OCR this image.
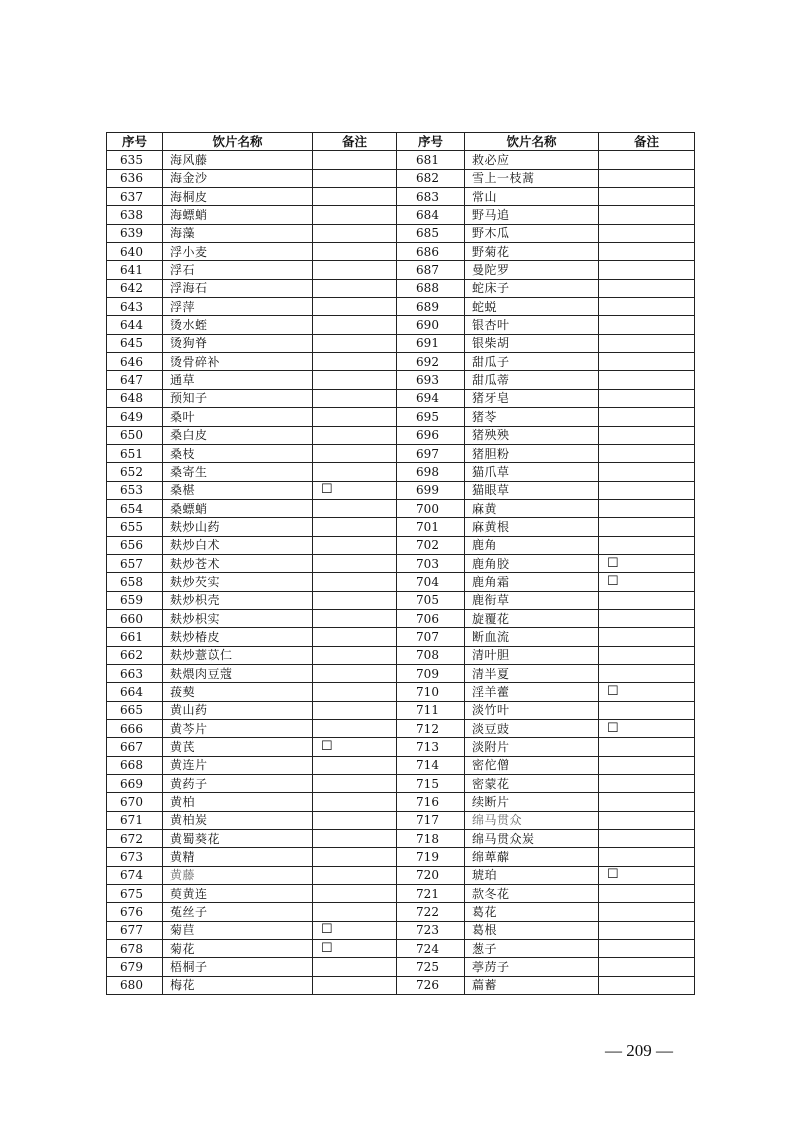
序号	饮片名称	备注	序号	饮片名称	备注
635	海风藤		681	救必应	
636	海金沙		682	雪上一枝蒿	
637	海桐皮		683	常山	
638	海螵蛸		684	野马追	
639	海藻		685	野木瓜	
640	浮小麦		686	野菊花	
641	浮石		687	曼陀罗	
642	浮海石		688	蛇床子	
643	浮萍		689	蛇蜕	
644	烫水蛭		690	银杏叶	
645	烫狗脊		691	银柴胡	
646	烫骨碎补		692	甜瓜子	
647	通草		693	甜瓜蒂	
648	预知子		694	猪牙皂	
649	桑叶		695	猪苓	
650	桑白皮		696	猪殃殃	
651	桑枝		697	猪胆粉	
652	桑寄生		698	猫爪草	
653	桑椹	☐	699	猫眼草	
654	桑螵蛸		700	麻黄	
655	麸炒山药		701	麻黄根	
656	麸炒白术		702	鹿角	
657	麸炒苍术		703	鹿角胶	☐
658	麸炒芡实		704	鹿角霜	☐
659	麸炒枳壳		705	鹿衔草	
660	麸炒枳实		706	旋覆花	
661	麸炒椿皮		707	断血流	
662	麸炒薏苡仁		708	清叶胆	
663	麸煨肉豆蔻		709	清半夏	
664	菝葜		710	淫羊藿	☐
665	黄山药		711	淡竹叶	
666	黄芩片		712	淡豆豉	☐
667	黄芪	☐	713	淡附片	
668	黄连片		714	密佗僧	
669	黄药子		715	密蒙花	
670	黄柏		716	续断片	
671	黄柏炭		717	绵马贯众	
672	黄蜀葵花		718	绵马贯众炭	
673	黄精		719	绵萆薢	
674	黄藤		720	琥珀	☐
675	萸黄连		721	款冬花	
676	菟丝子		722	葛花	
677	菊苣	☐	723	葛根	
678	菊花	☐	724	葱子	
679	梧桐子		725	葶苈子	
680	梅花		726	萹蓄	
— 209 —
